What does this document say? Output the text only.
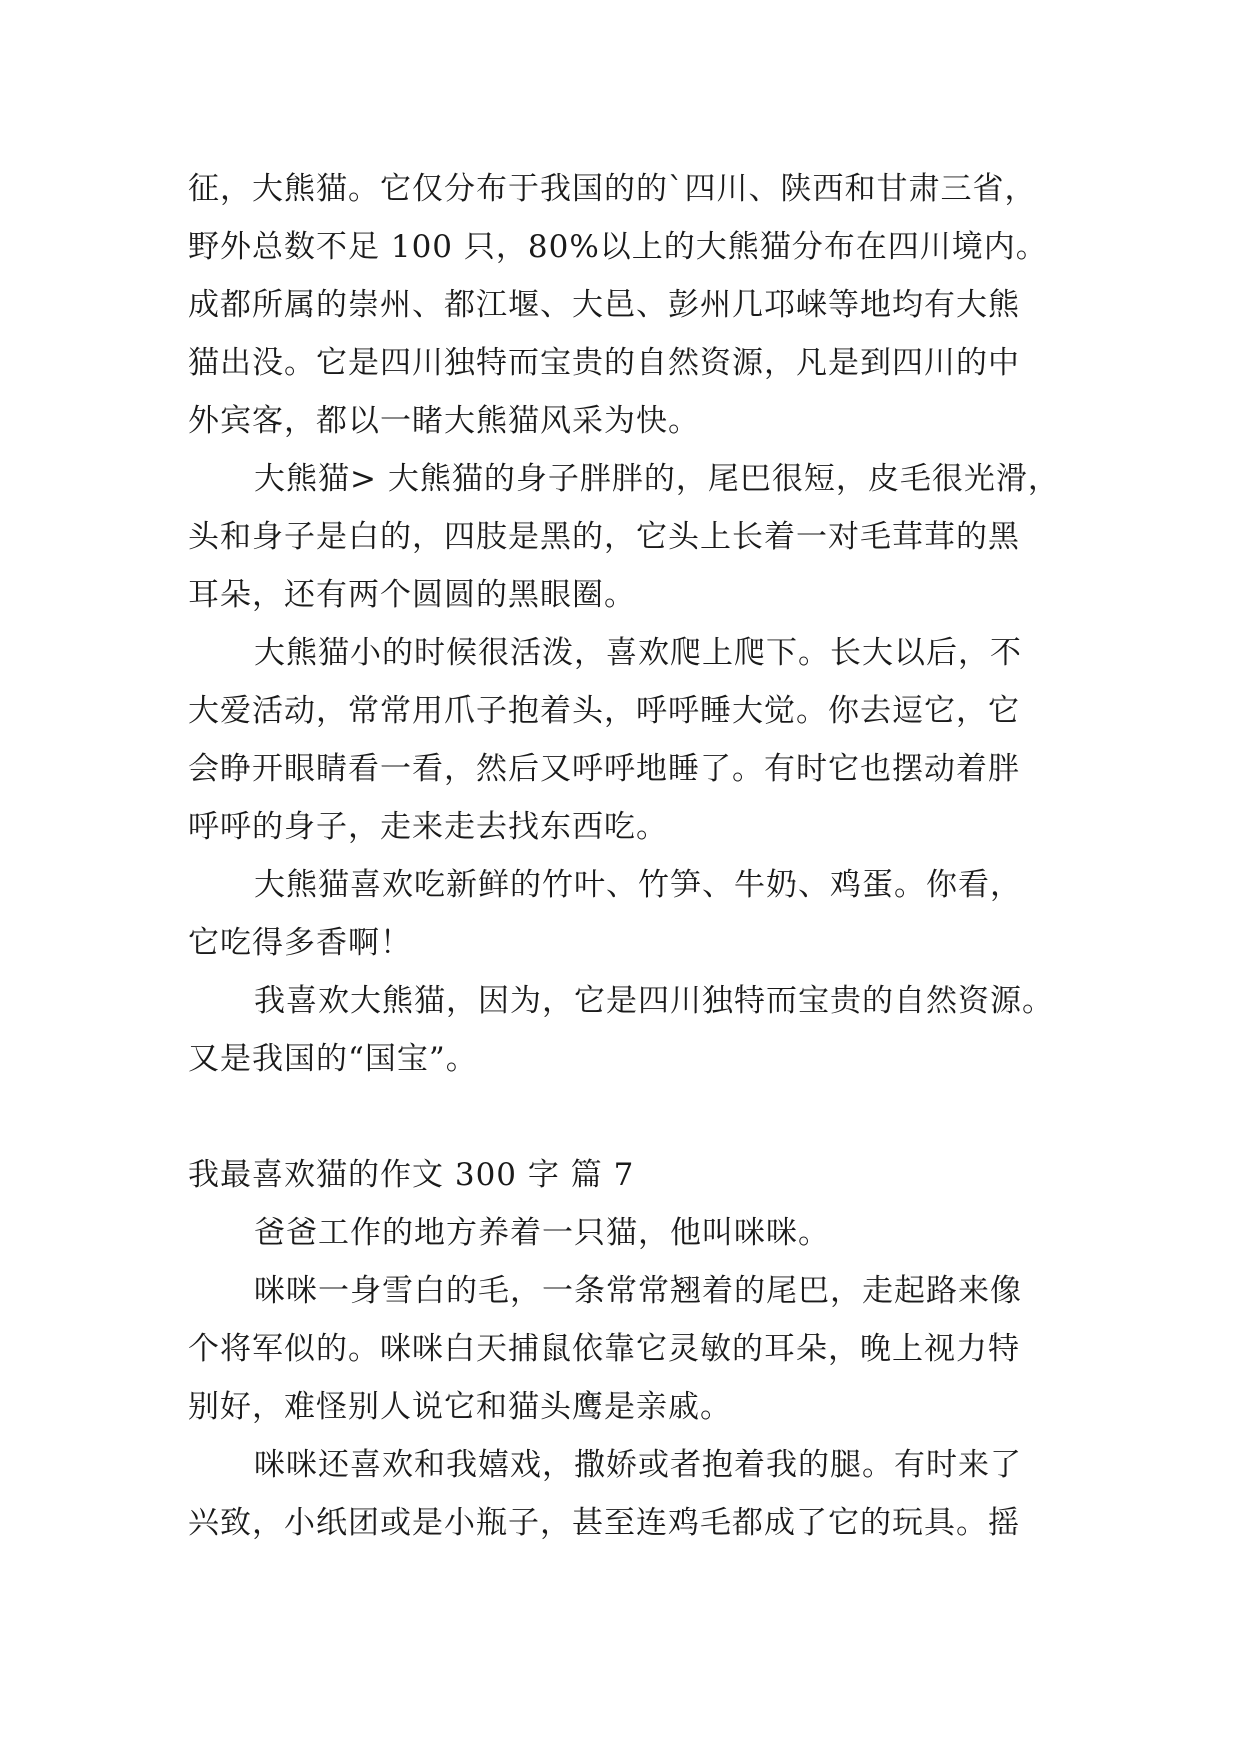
征，大熊猫。它仅分布于我国的的`四川、陕西和甘肃三省，
野外总数不足 100 只，80%以上的大熊猫分布在四川境内。
成都所属的崇州、都江堰、大邑、彭州几邛崃等地均有大熊
猫出没。它是四川独特而宝贵的自然资源，凡是到四川的中
外宾客，都以一睹大熊猫风采为快。
大熊猫> 大熊猫的身子胖胖的，尾巴很短，皮毛很光滑，
头和身子是白的，四肢是黑的，它头上长着一对毛茸茸的黑
耳朵，还有两个圆圆的黑眼圈。
大熊猫小的时候很活泼，喜欢爬上爬下。长大以后，不
大爱活动，常常用爪子抱着头，呼呼睡大觉。你去逗它，它
会睁开眼睛看一看，然后又呼呼地睡了。有时它也摆动着胖
呼呼的身子，走来走去找东西吃。
大熊猫喜欢吃新鲜的竹叶、竹笋、牛奶、鸡蛋。你看，
它吃得多香啊！
我喜欢大熊猫，因为，它是四川独特而宝贵的自然资源。
又是我国的“国宝”。
我最喜欢猫的作文 300 字 篇 7
爸爸工作的地方养着一只猫，他叫咪咪。
咪咪一身雪白的毛，一条常常翘着的尾巴，走起路来像
个将军似的。咪咪白天捕鼠依靠它灵敏的耳朵，晚上视力特
别好，难怪别人说它和猫头鹰是亲戚。
咪咪还喜欢和我嬉戏，撒娇或者抱着我的腿。有时来了
兴致，小纸团或是小瓶子，甚至连鸡毛都成了它的玩具。摇
